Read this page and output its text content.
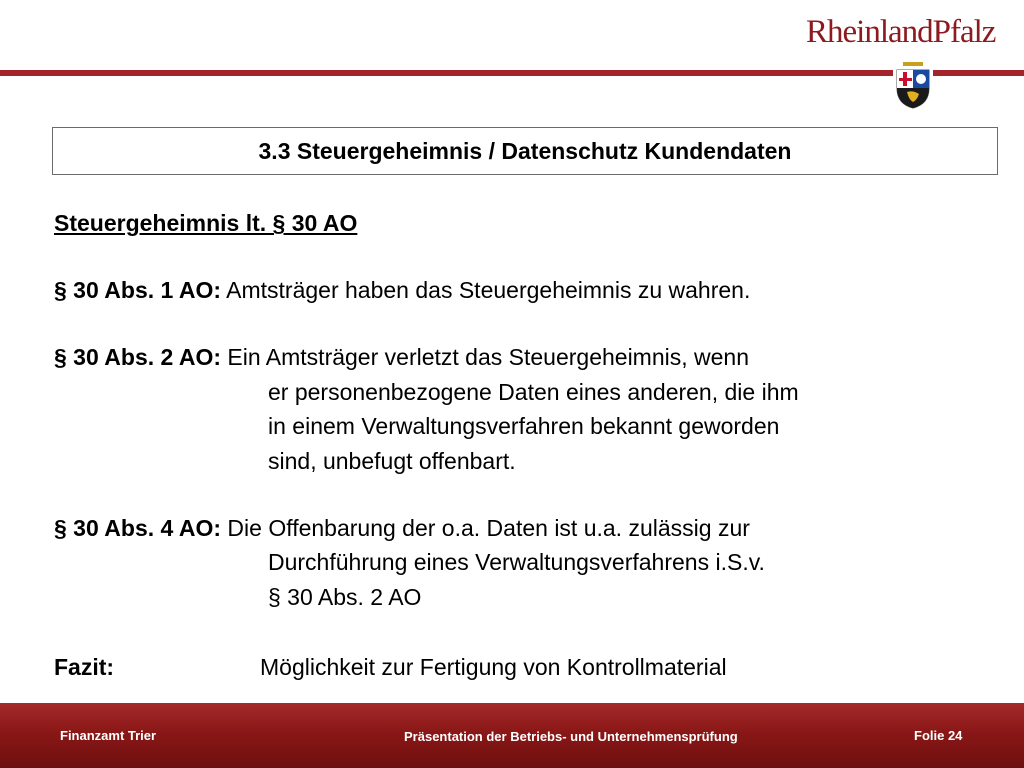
RheinlandPfalz
3.3 Steuergeheimnis / Datenschutz Kundendaten
Steuergeheimnis lt. § 30 AO
§ 30 Abs. 1 AO: Amtsträger haben das Steuergeheimnis zu wahren.
§ 30 Abs. 2 AO: Ein Amtsträger verletzt das Steuergeheimnis, wenn
er personenbezogene Daten eines anderen, die ihm
in einem Verwaltungsverfahren bekannt geworden
sind, unbefugt offenbart.
§ 30 Abs. 4 AO: Die Offenbarung der o.a. Daten ist u.a. zulässig zur
Durchführung eines Verwaltungsverfahrens i.S.v.
§ 30 Abs. 2 AO
Fazit:	Möglichkeit zur Fertigung von Kontrollmaterial
Finanzamt Trier	Präsentation der Betriebs- und Unternehmensprüfung	Folie 24
